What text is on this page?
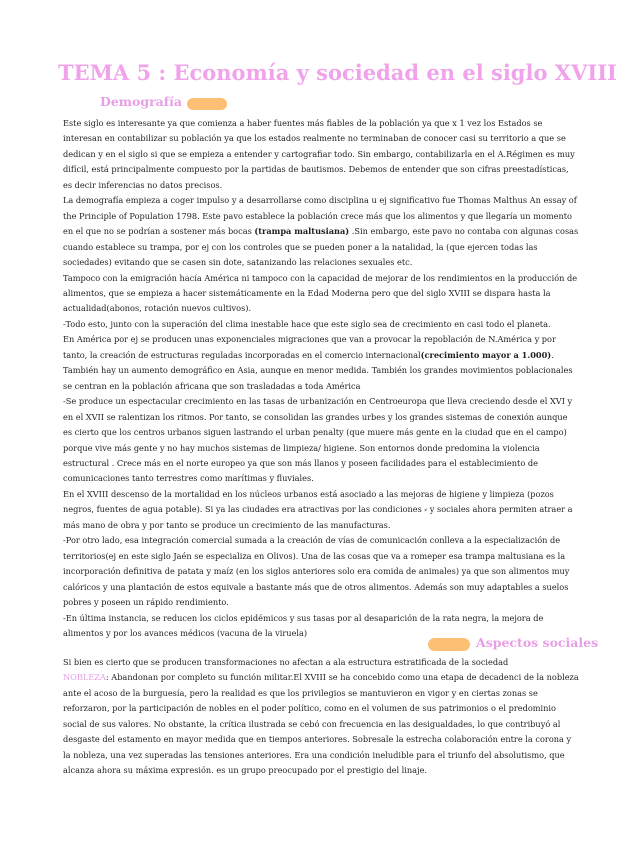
TEMA 5 : Economía y sociedad en el siglo XVIII
Demografía

Este siglo es interesante ya que comienza a haber fuentes más fiables de la población ya que x 1 vez los Estados se interesan en contabilizar su población ya que los estados realmente no terminaban de conocer casi su territorio a que se dedican y en el siglo si que se empieza a entender y cartografiar todo. Sin embargo, contabilizarla en el A.Régimen es muy difícil, está principalmente compuesto por la partidas de bautismos. Debemos de entender que son cifras preestadísticas, es decir inferencias no datos precisos.

La demografía empieza a coger impulso y a desarrollarse como disciplina u ej significativo fue Thomas Malthus An essay of the Principle of Population 1798. Este pavo establece la población crece más que los alimentos y que llegaría un momento en el que no se podrían a sostener más bocas (trampa maltusiana) .Sin embargo, este pavo no contaba con algunas cosas cuando establece su trampa, por ej con los controles que se pueden poner a la natalidad, la (que ejercen todas las sociedades) evitando que se casen sin dote, satanizando las relaciones sexuales etc.

Tampoco con la emigración hacía América ni tampoco con la capacidad de mejorar de los rendimientos en la producción de alimentos, que se empieza a hacer sistemáticamente en la Edad Moderna pero que del siglo XVIII se dispara hasta la actualidad(abonos, rotación nuevos cultivos).

-Todo esto, junto con la superación del clima inestable hace que este siglo sea de crecimiento en casi todo el planeta.

En América por ej se producen unas exponenciales migraciones que van a provocar la repoblación de N.América y por tanto, la creación de estructuras reguladas incorporadas en el comercio internacional(crecimiento mayor a 1.000). También hay un aumento demográfico en Asia, aunque en menor medida. También los grandes movimientos poblacionales se centran en la población africana que son trasladadas a toda América

-Se produce un espectacular crecimiento en las tasas de urbanización en Centroeuropa que lleva creciendo desde el XVI y en el XVII se ralentizan los ritmos. Por tanto, se consolidan las grandes urbes y los grandes sistemas de conexión aunque es cierto que los centros urbanos siguen lastrando el urban penalty (que muere más gente en la ciudad que en el campo) porque vive más gente y no hay muchos sistemas de limpieza/ higiene. Son entornos donde predomina la violencia estructural . Crece más en el norte europeo ya que son más llanos y poseen facilidades para el establecimiento de comunicaciones tanto terrestres como marítimas y fluviales.

En el XVIII descenso de la mortalidad en los núcleos urbanos está asociado a las mejoras de higiene y limpieza (pozos negros, fuentes de agua potable). Si ya las ciudades era atractivas por las condiciones ⸗ y sociales ahora permiten atraer a más mano de obra y por tanto se produce un crecimiento de las manufacturas.

-Por otro lado, esa integración comercial sumada a la creación de vías de comunicación conlleva a la especialización de territorios(ej en este siglo Jaén se especializa en Olivos). Una de las cosas que va a romeper esa trampa maltusiana es la incorporación definitiva de patata y maíz (en los siglos anteriores solo era comida de animales) ya que son alimentos muy calóricos y una plantación de estos equivale a bastante más que de otros alimentos. Además son muy adaptables a suelos pobres y poseen un rápido rendimiento.

-En última instancia, se reducen los ciclos epidémicos y sus tasas por al desaparición de la rata negra, la mejora de alimentos y por los avances médicos (vacuna de la viruela)

Aspectos sociales

Si bien es cierto que se producen transformaciones no afectan a ala estructura estratificada de la sociedad

NOBLEZA: Abandonan por completo su función militar.El XVIII se ha concebido como una etapa de decadenci de la nobleza ante el acoso de la burguesía, pero la realidad es que los privilegios se mantuvieron en vigor y en ciertas zonas se reforzaron, por la participación de nobles en el poder político, como en el volumen de sus patrimonios o el predominio social de sus valores. No obstante, la crítica ilustrada se cebó con frecuencia en las desigualdades, lo que contribuyó al desgaste del estamento en mayor medida que en tiempos anteriores. Sobresale la estrecha colaboración entre la corona y la nobleza, una vez superadas las tensiones anteriores. Era una condición ineludible para el triunfo del absolutismo, que alcanza ahora su máxima expresión. es un grupo preocupado por el prestigio del linaje.
